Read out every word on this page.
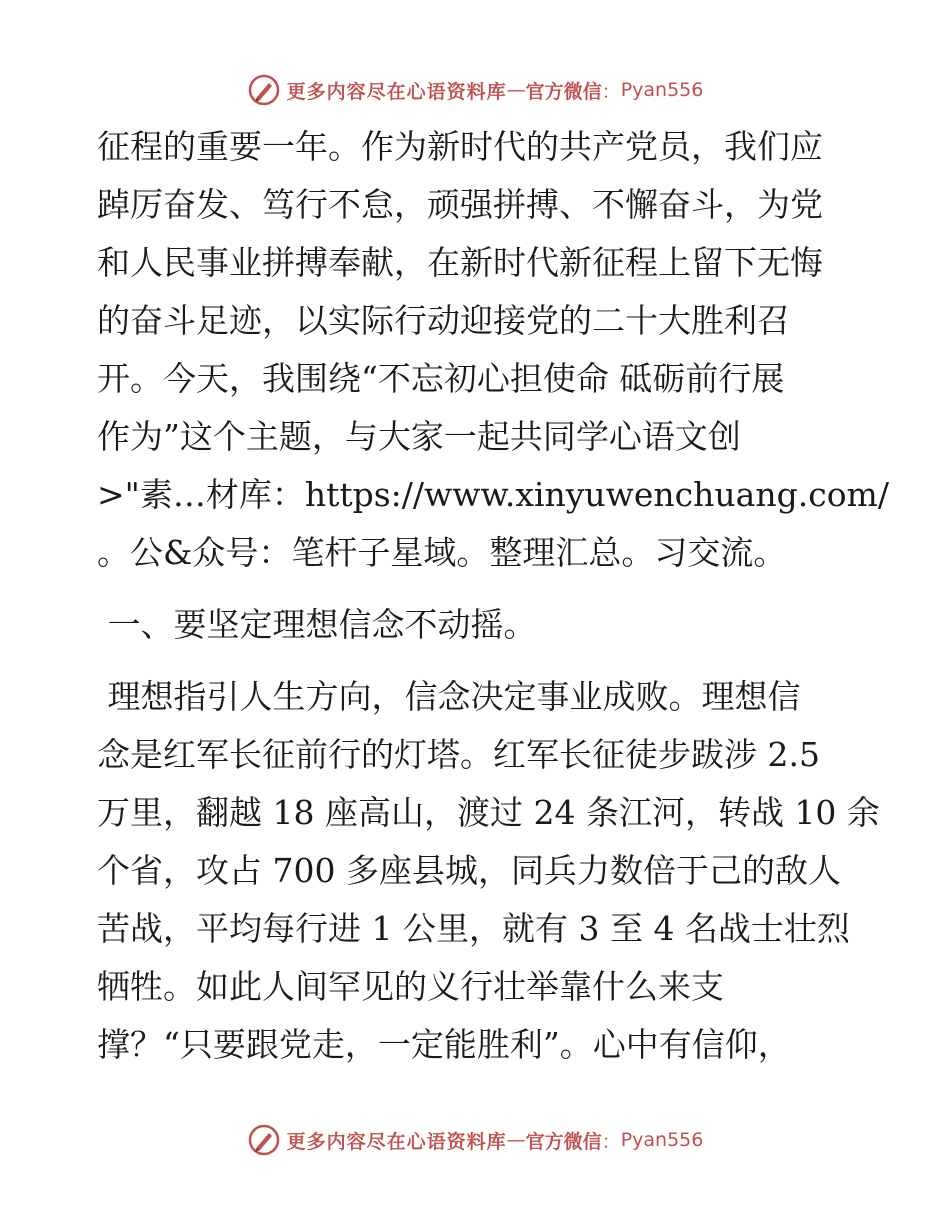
更多内容尽在心语资料库 — 官方微信 ： Pyan556
征程的重要一年。作为新时代的共产党员，我们应
踔厉奋发、笃行不怠，顽强拼搏、不懈奋斗，为党
和人民事业拼搏奉献，在新时代新征程上留下无悔
的奋斗足迹，以实际行动迎接党的二十大胜利召
开。今天，我围绕“不忘初心担使命 砥砺前行展
作为”这个主题，与大家一起共同学心语文创
>"素…材库：https://www.xinyuwenchuang.com/
。公&众号：笔杆子星域。整理汇总。习交流。
一、要坚定理想信念不动摇。
理想指引人生方向，信念决定事业成败。理想信
念是红军长征前行的灯塔。红军长征徒步跋涉 2.5
万里，翻越 18 座高山，渡过 24 条江河，转战 10 余
个省，攻占 700 多座县城，同兵力数倍于己的敌人
苦战，平均每行进 1 公里，就有 3 至 4 名战士壮烈
牺牲。如此人间罕见的义行壮举靠什么来支
撑？“只要跟党走，一定能胜利”。心中有信仰，
更多内容尽在心语资料库 — 官方微信 ： Pyan556
